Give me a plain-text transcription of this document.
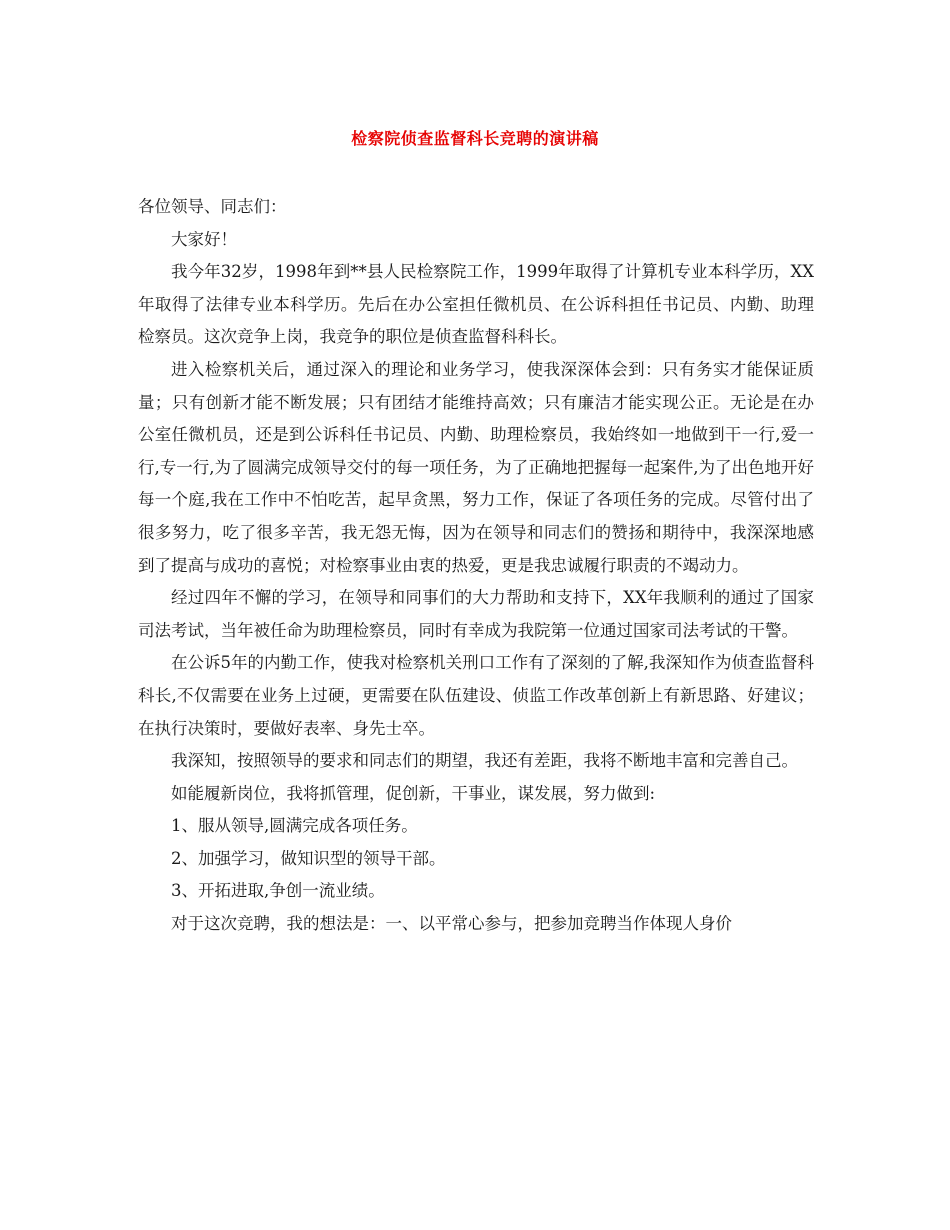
检察院侦查监督科长竞聘的演讲稿

各位领导、同志们：

大家好！

我今年32岁，1998年到**县人民检察院工作，1999年取得了计算机专业本科学历，XX年取得了法律专业本科学历。先后在办公室担任微机员、在公诉科担任书记员、内勤、助理检察员。这次竞争上岗，我竞争的职位是侦查监督科科长。

进入检察机关后，通过深入的理论和业务学习，使我深深体会到：只有务实才能保证质量；只有创新才能不断发展；只有团结才能维持高效；只有廉洁才能实现公正。无论是在办公室任微机员，还是到公诉科任书记员、内勤、助理检察员，我始终如一地做到干一行,爱一行,专一行,为了圆满完成领导交付的每一项任务，为了正确地把握每一起案件,为了出色地开好每一个庭,我在工作中不怕吃苦，起早贪黑，努力工作，保证了各项任务的完成。尽管付出了很多努力，吃了很多辛苦，我无怨无悔，因为在领导和同志们的赞扬和期待中，我深深地感到了提高与成功的喜悦；对检察事业由衷的热爱，更是我忠诚履行职责的不竭动力。

经过四年不懈的学习，在领导和同事们的大力帮助和支持下，XX年我顺利的通过了国家司法考试，当年被任命为助理检察员，同时有幸成为我院第一位通过国家司法考试的干警。

在公诉5年的内勤工作，使我对检察机关刑口工作有了深刻的了解,我深知作为侦查监督科科长,不仅需要在业务上过硬，更需要在队伍建设、侦监工作改革创新上有新思路、好建议；在执行决策时，要做好表率、身先士卒。

我深知，按照领导的要求和同志们的期望，我还有差距，我将不断地丰富和完善自己。

如能履新岗位，我将抓管理，促创新，干事业，谋发展，努力做到:

1、服从领导,圆满完成各项任务。

2、加强学习，做知识型的领导干部。

3、开拓进取,争创一流业绩。

对于这次竞聘，我的想法是：一、以平常心参与，把参加竞聘当作体现人身价
